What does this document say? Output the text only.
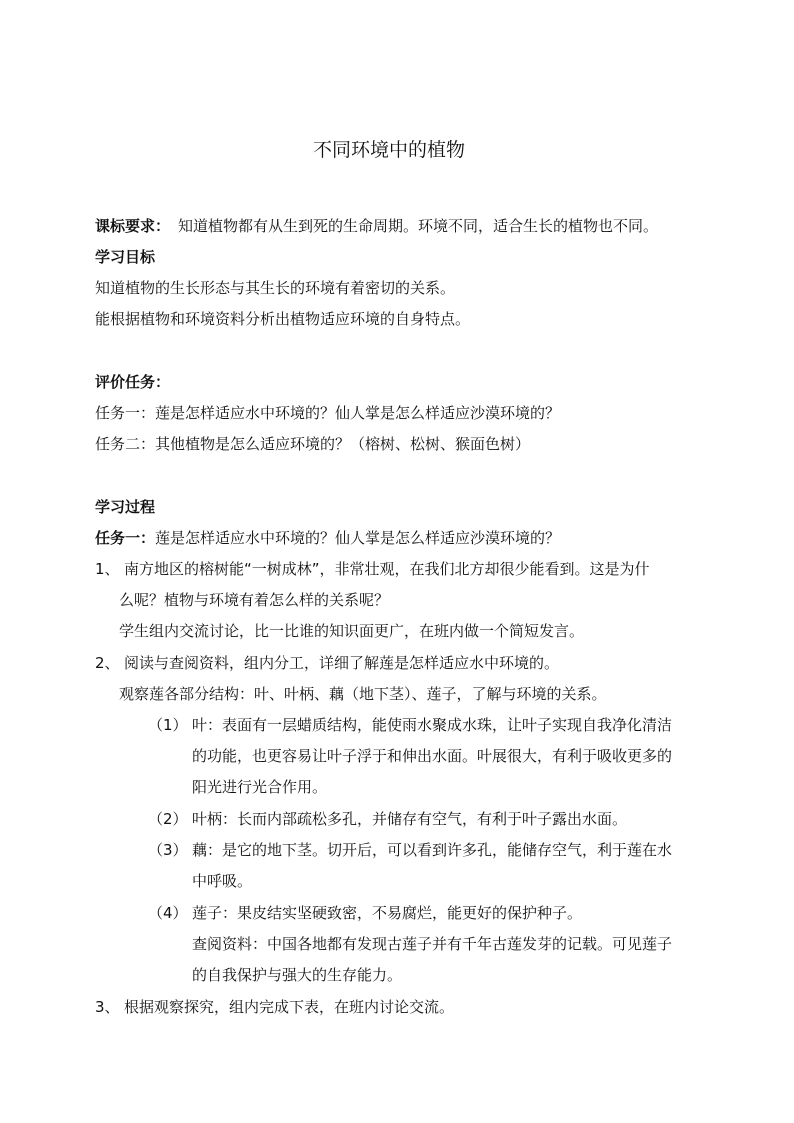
不同环境中的植物
课标要求： 知道植物都有从生到死的生命周期。环境不同，适合生长的植物也不同。
学习目标
知道植物的生长形态与其生长的环境有着密切的关系。
能根据植物和环境资料分析出植物适应环境的自身特点。
评价任务：
任务一：莲是怎样适应水中环境的？仙人掌是怎么样适应沙漠环境的？
任务二：其他植物是怎么适应环境的？（榕树、松树、猴面色树）
学习过程
任务一：莲是怎样适应水中环境的？仙人掌是怎么样适应沙漠环境的？
1、 南方地区的榕树能“一树成林”，非常壮观，在我们北方却很少能看到。这是为什
么呢？植物与环境有着怎么样的关系呢？
学生组内交流讨论，比一比谁的知识面更广，在班内做一个简短发言。
2、 阅读与查阅资料，组内分工，详细了解莲是怎样适应水中环境的。
观察莲各部分结构：叶、叶柄、藕（地下茎）、莲子，了解与环境的关系。
（1） 叶：表面有一层蜡质结构，能使雨水聚成水珠，让叶子实现自我净化清洁
的功能，也更容易让叶子浮于和伸出水面。叶展很大，有利于吸收更多的
阳光进行光合作用。
（2） 叶柄：长而内部疏松多孔，并储存有空气，有利于叶子露出水面。
（3） 藕：是它的地下茎。切开后，可以看到许多孔，能储存空气，利于莲在水
中呼吸。
（4） 莲子：果皮结实坚硬致密，不易腐烂，能更好的保护种子。
查阅资料：中国各地都有发现古莲子并有千年古莲发芽的记载。可见莲子
的自我保护与强大的生存能力。
3、 根据观察探究，组内完成下表，在班内讨论交流。
